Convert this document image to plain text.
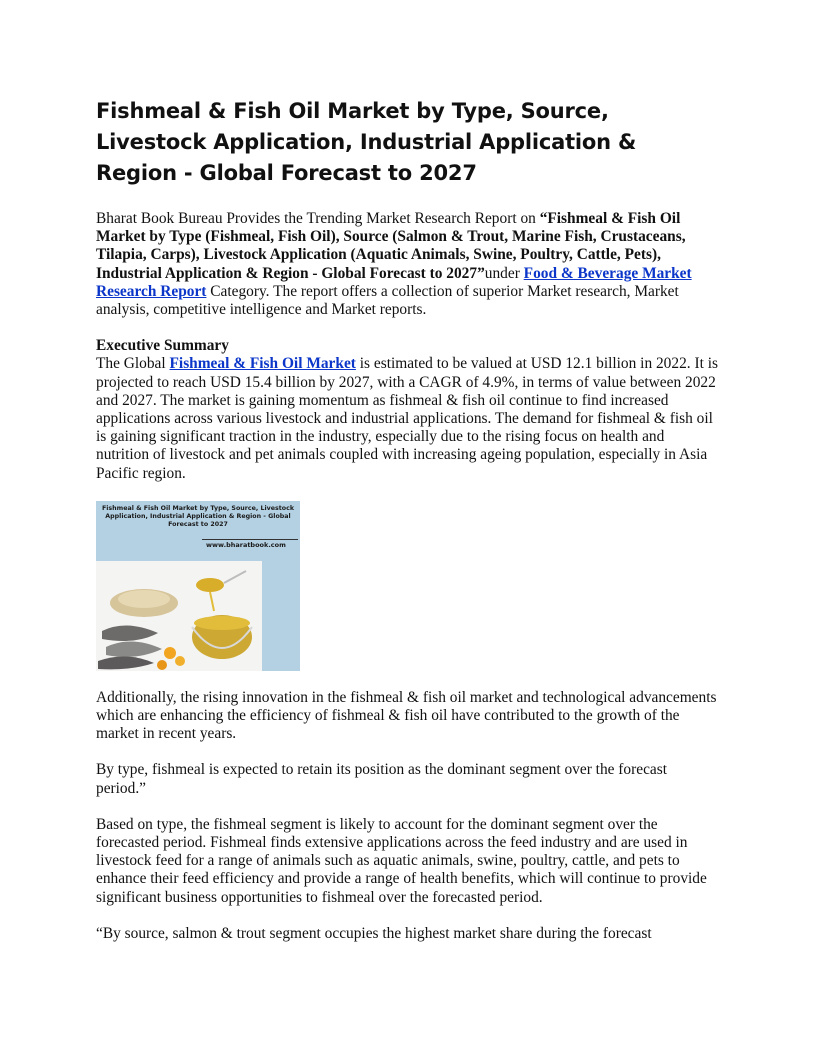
Fishmeal & Fish Oil Market by Type, Source, Livestock Application, Industrial Application & Region - Global Forecast to 2027

Bharat Book Bureau Provides the Trending Market Research Report on “Fishmeal & Fish Oil Market by Type (Fishmeal, Fish Oil), Source (Salmon & Trout, Marine Fish, Crustaceans, Tilapia, Carps), Livestock Application (Aquatic Animals, Swine, Poultry, Cattle, Pets), Industrial Application & Region - Global Forecast to 2027”under Food & Beverage Market Research Report Category. The report offers a collection of superior Market research, Market analysis, competitive intelligence and Market reports.

Executive Summary
The Global Fishmeal & Fish Oil Market is estimated to be valued at USD 12.1 billion in 2022. It is projected to reach USD 15.4 billion by 2027, with a CAGR of 4.9%, in terms of value between 2022 and 2027. The market is gaining momentum as fishmeal & fish oil continue to find increased applications across various livestock and industrial applications. The demand for fishmeal & fish oil is gaining significant traction in the industry, especially due to the rising focus on health and nutrition of livestock and pet animals coupled with increasing ageing population, especially in Asia Pacific region.

Fishmeal & Fish Oil Market by Type, Source, Livestock Application, Industrial Application & Region - Global Forecast to 2027
www.bharatbook.com

Additionally, the rising innovation in the fishmeal & fish oil market and technological advancements which are enhancing the efficiency of fishmeal & fish oil have contributed to the growth of the market in recent years.

By type, fishmeal is expected to retain its position as the dominant segment over the forecast period.”

Based on type, the fishmeal segment is likely to account for the dominant segment over the forecasted period. Fishmeal finds extensive applications across the feed industry and are used in livestock feed for a range of animals such as aquatic animals, swine, poultry, cattle, and pets to enhance their feed efficiency and provide a range of health benefits, which will continue to provide significant business opportunities to fishmeal over the forecasted period.

“By source, salmon & trout segment occupies the highest market share during the forecast
